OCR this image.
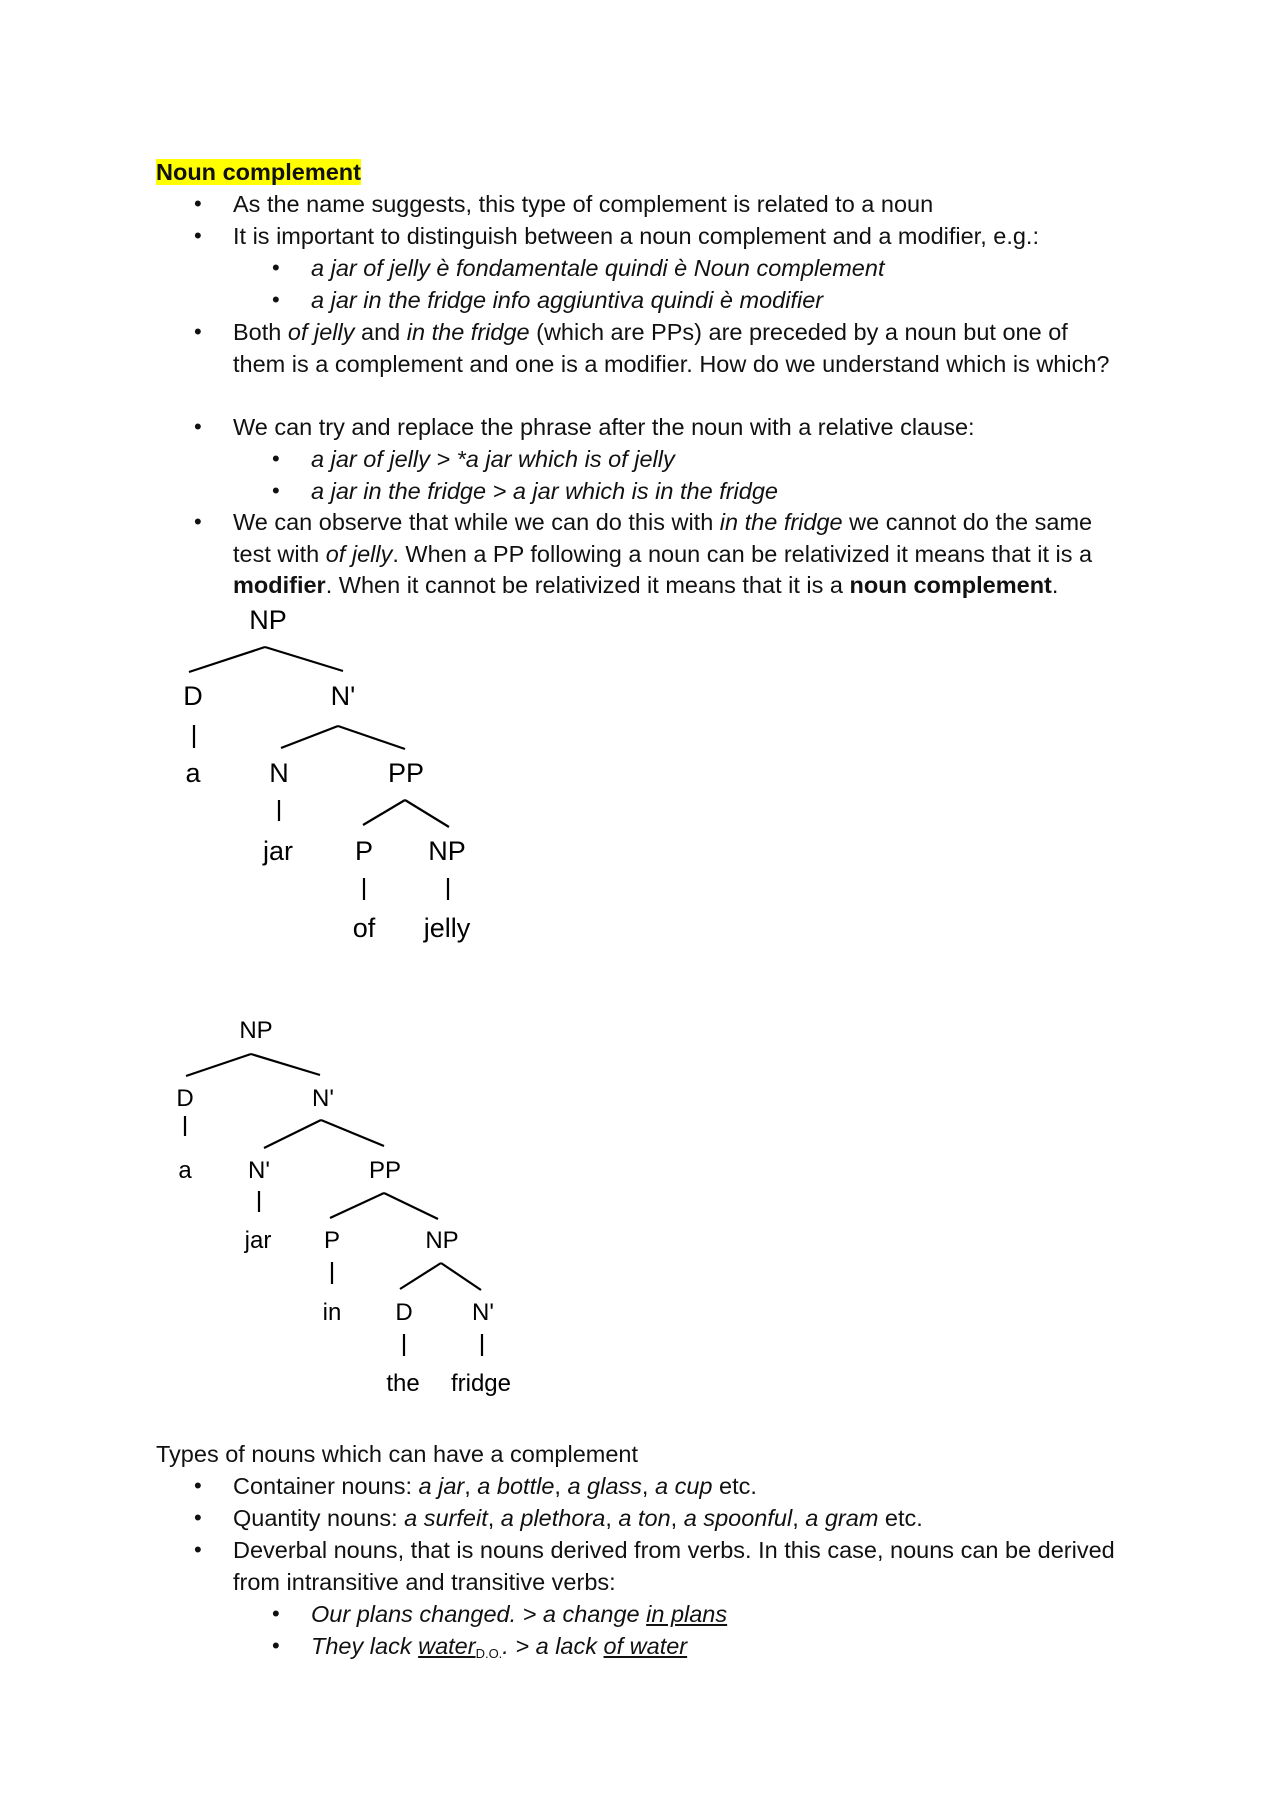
Noun complement
• As the name suggests, this type of complement is related to a noun
• It is important to distinguish between a noun complement and a modifier, e.g.:
• a jar of jelly è fondamentale quindi è Noun complement
• a jar in the fridge info aggiuntiva quindi è modifier
• Both of jelly and in the fridge (which are PPs) are preceded by a noun but one of
them is a complement and one is a modifier. How do we understand which is which?
• We can try and replace the phrase after the noun with a relative clause:
• a jar of jelly > *a jar which is of jelly
• a jar in the fridge > a jar which is in the fridge
• We can observe that while we can do this with in the fridge we cannot do the same
test with of jelly. When a PP following a noun can be relativized it means that it is a
modifier. When it cannot be relativized it means that it is a noun complement.
NP
D	N'
a	N	PP
jar P NP
of jelly
NP
D	N'
a N'	PP
jar P	NP
in D N'
the fridge
Types of nouns which can have a complement
• Container nouns: a jar, a bottle, a glass, a cup etc.
• Quantity nouns: a surfeit, a plethora, a ton, a spoonful, a gram etc.
• Deverbal nouns, that is nouns derived from verbs. In this case, nouns can be derived
from intransitive and transitive verbs:
• Our plans changed. > a change in plans
• They lack water$_{D.O.}$. > a lack of water
